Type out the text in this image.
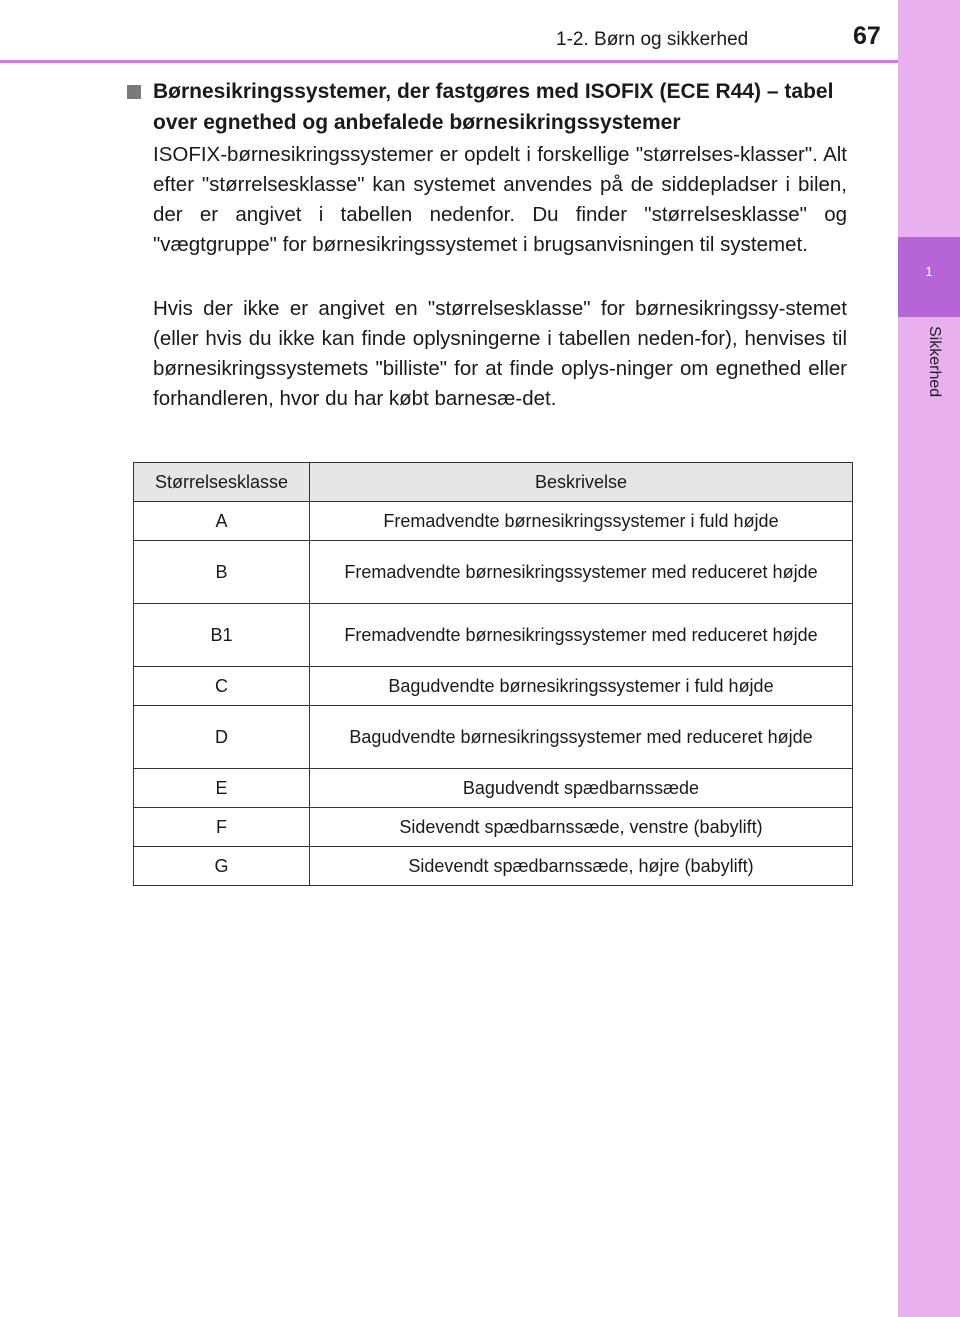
1
Sikkerhed
1-2. Børn og sikkerhed	67
Børnesikringssystemer, der fastgøres med ISOFIX (ECE R44) – tabel over egnethed og anbefalede børnesikringssystemer
ISOFIX-børnesikringssystemer er opdelt i forskellige "størrelses-klasser". Alt efter "størrelsesklasse" kan systemet anvendes på de siddepladser i bilen, der er angivet i tabellen nedenfor. Du finder "størrelsesklasse" og "vægtgruppe" for børnesikringssystemet i brugsanvisningen til systemet.
Hvis der ikke er angivet en "størrelsesklasse" for børnesikringssy-stemet (eller hvis du ikke kan finde oplysningerne i tabellen neden-for), henvises til børnesikringssystemets "billiste" for at finde oplys-ninger om egnethed eller forhandleren, hvor du har købt barnesæ-det.
Størrelsesklasse	Beskrivelse
A	Fremadvendte børnesikringssystemer i fuld højde
B	Fremadvendte børnesikringssystemer med reduceret højde
B1	Fremadvendte børnesikringssystemer med reduceret højde
C	Bagudvendte børnesikringssystemer i fuld højde
D	Bagudvendte børnesikringssystemer med reduceret højde
E	Bagudvendt spædbarnssæde
F	Sidevendt spædbarnssæde, venstre (babylift)
G	Sidevendt spædbarnssæde, højre (babylift)
